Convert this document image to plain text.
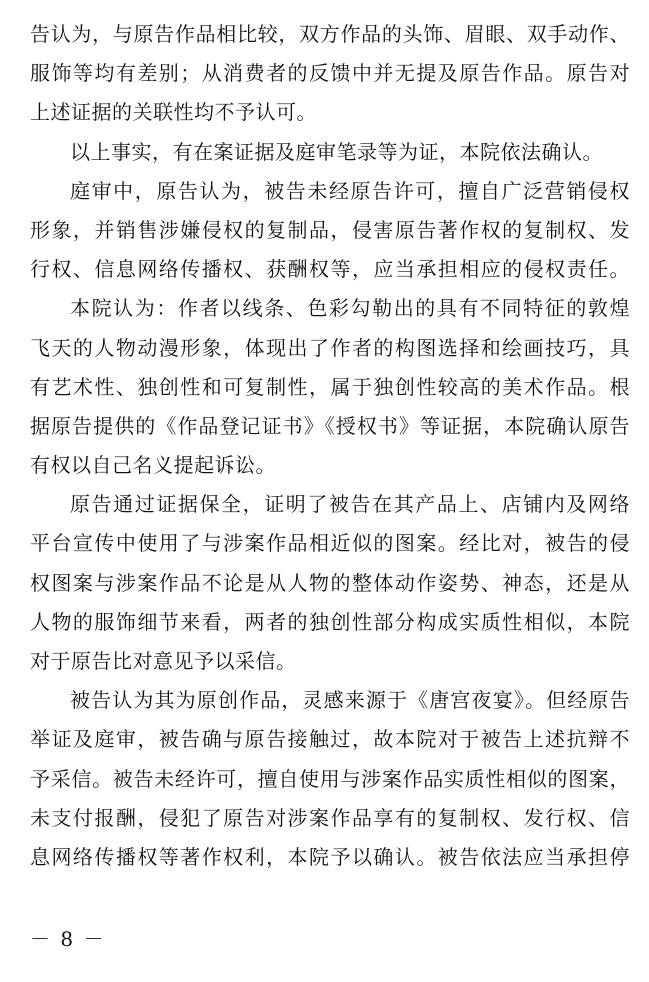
告认为，与原告作品相比较，双方作品的头饰、眉眼、双手动作、
服饰等均有差别；从消费者的反馈中并无提及原告作品。原告对
上述证据的关联性均不予认可。
以上事实，有在案证据及庭审笔录等为证，本院依法确认。
庭审中，原告认为，被告未经原告许可，擅自广泛营销侵权
形象，并销售涉嫌侵权的复制品，侵害原告著作权的复制权、发
行权、信息网络传播权、获酬权等，应当承担相应的侵权责任。
本院认为：作者以线条、色彩勾勒出的具有不同特征的敦煌
飞天的人物动漫形象，体现出了作者的构图选择和绘画技巧，具
有艺术性、独创性和可复制性，属于独创性较高的美术作品。根
据原告提供的《作品登记证书》《授权书》等证据，本院确认原告
有权以自己名义提起诉讼。
原告通过证据保全，证明了被告在其产品上、店铺内及网络
平台宣传中使用了与涉案作品相近似的图案。经比对，被告的侵
权图案与涉案作品不论是从人物的整体动作姿势、神态，还是从
人物的服饰细节来看，两者的独创性部分构成实质性相似，本院
对于原告比对意见予以采信。
被告认为其为原创作品，灵感来源于《唐宫夜宴》。但经原告
举证及庭审，被告确与原告接触过，故本院对于被告上述抗辩不
予采信。被告未经许可，擅自使用与涉案作品实质性相似的图案，
未支付报酬，侵犯了原告对涉案作品享有的复制权、发行权、信
息网络传播权等著作权利，本院予以确认。被告依法应当承担停
－ 8 －
